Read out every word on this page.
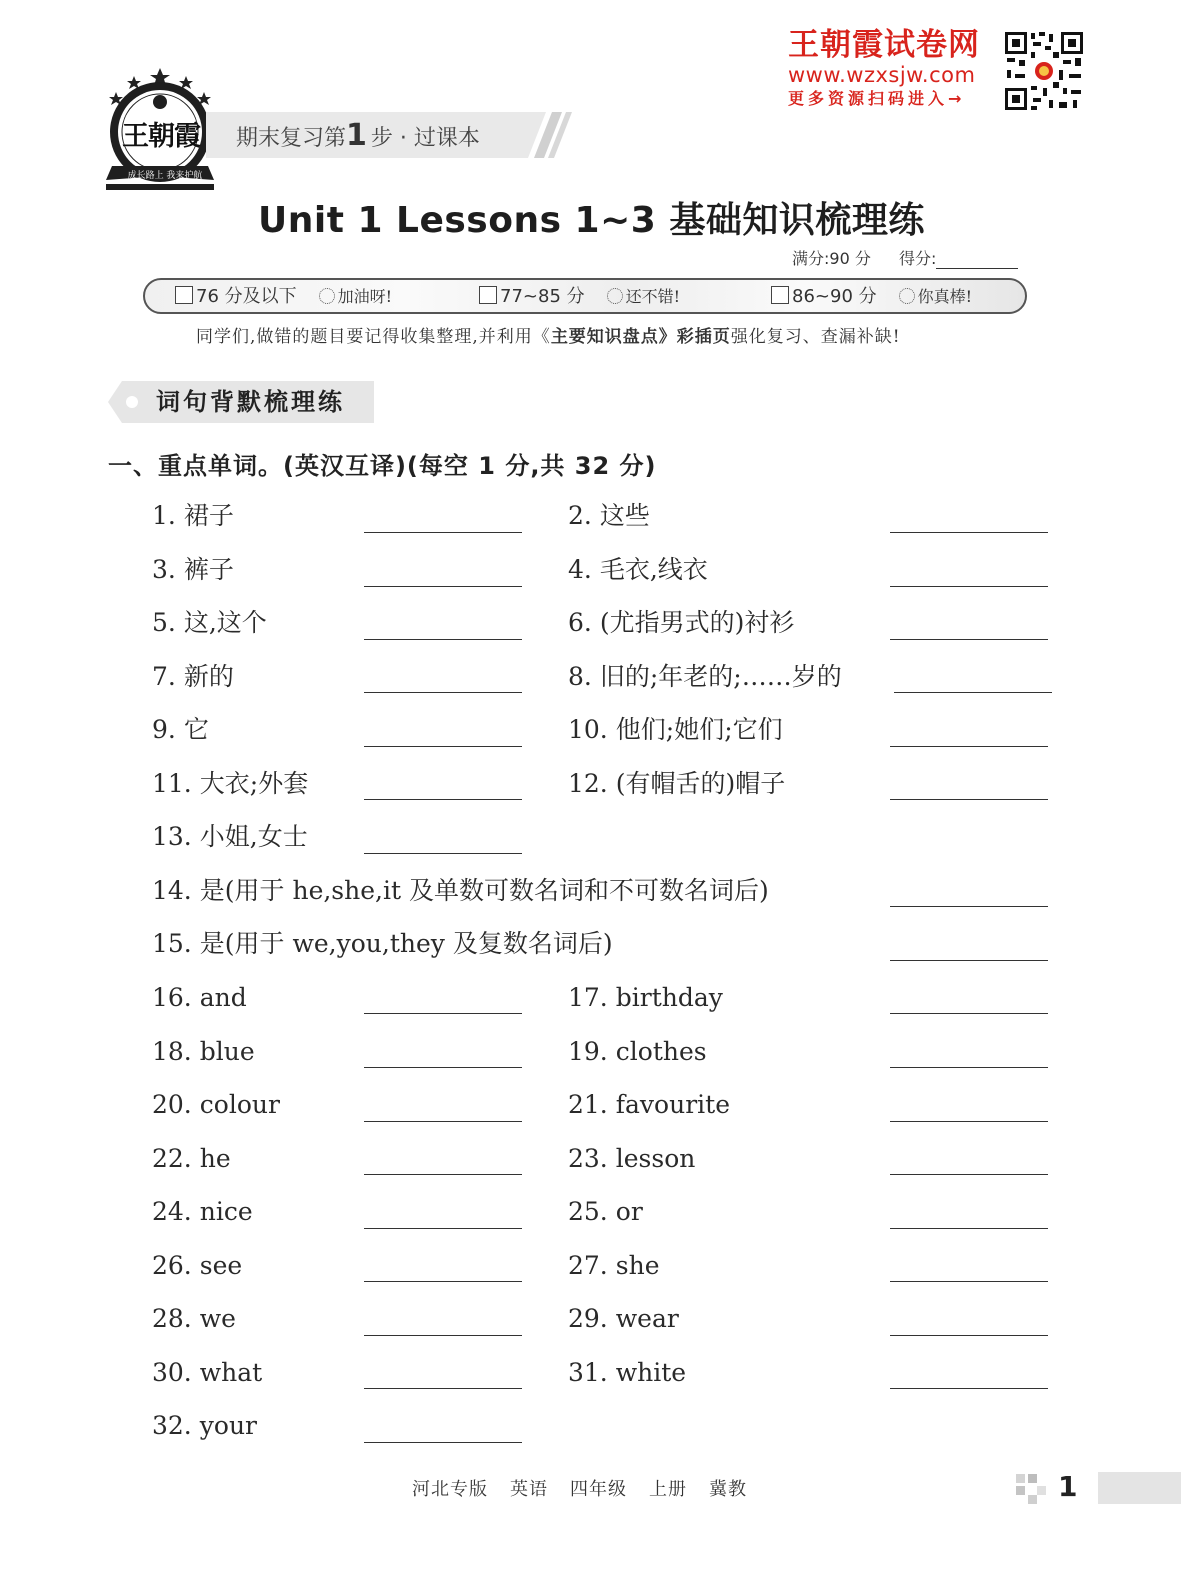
王朝霞试卷网
www.wzxsjw.com
更多资源扫码进入→
王朝霞
成长路上 我来护航
期末复习第1 步 · 过课本
Unit 1 Lessons 1~3 基础知识梳理练
满分:90 分 得分:
76 分及以下	加油呀!	77~85 分	还不错!	86~90 分	你真棒!
同学们,做错的题目要记得收集整理,并利用《主要知识盘点》彩插页强化复习、查漏补缺!
词句背默梳理练
一、重点单词。(英汉互译)(每空 1 分,共 32 分)
1. 裙子	2. 这些
3. 裤子	4. 毛衣,线衣
5. 这,这个	6. (尤指男式的)衬衫
7. 新的	8. 旧的;年老的;……岁的
9. 它	10. 他们;她们;它们
11. 大衣;外套	12. (有帽舌的)帽子
13. 小姐,女士
14. 是(用于 he,she,it 及单数可数名词和不可数名词后)
15. 是(用于 we,you,they 及复数名词后)
16. and	17. birthday
18. blue	19. clothes
20. colour	21. favourite
22. he	23. lesson
24. nice	25. or
26. see	27. she
28. we	29. wear
30. what	31. white
32. your
河北专版 英语 四年级 上册 冀教	1
